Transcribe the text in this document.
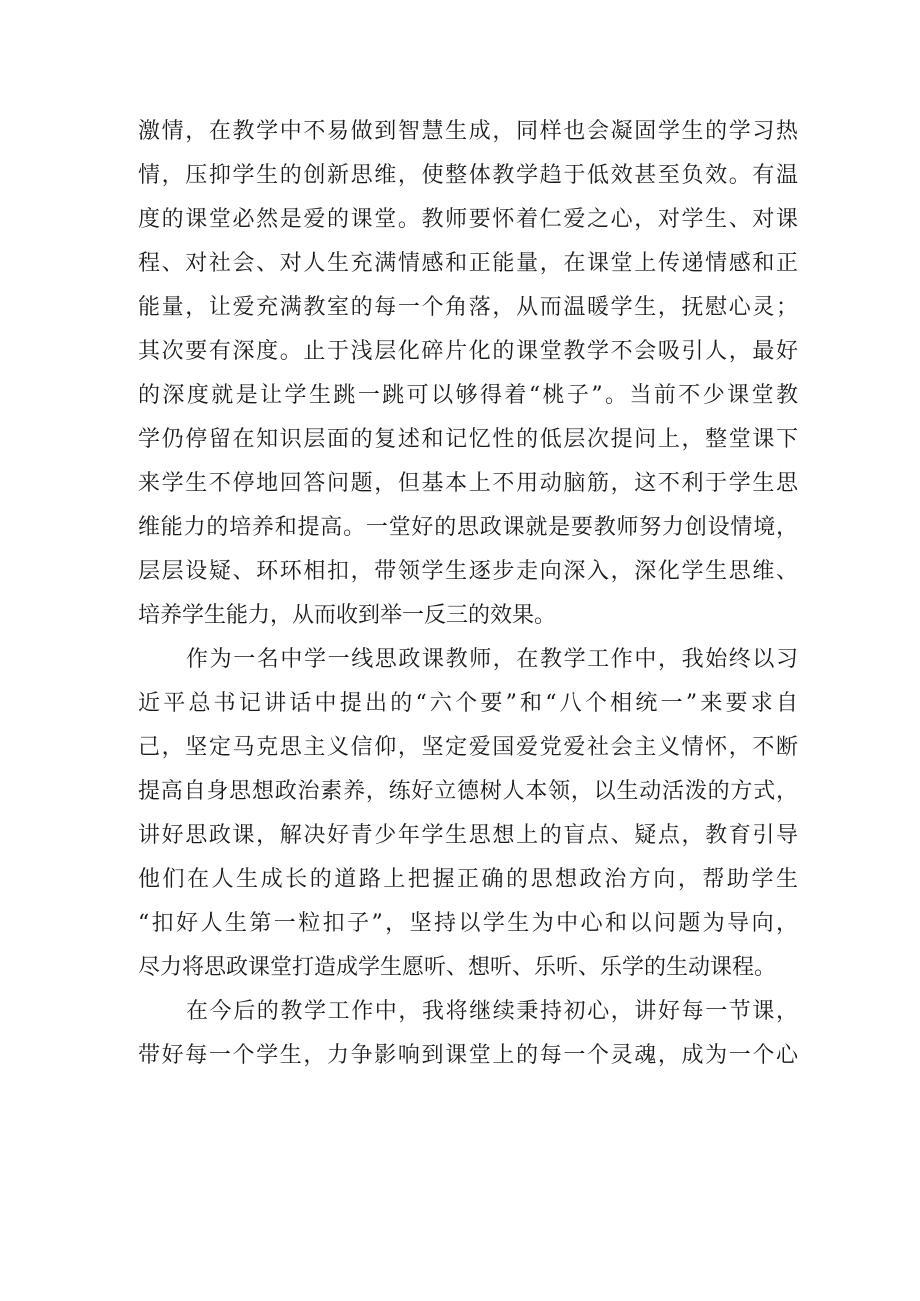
激情，在教学中不易做到智慧生成，同样也会凝固学生的学习热
情，压抑学生的创新思维，使整体教学趋于低效甚至负效。有温
度的课堂必然是爱的课堂。教师要怀着仁爱之心，对学生、对课
程、对社会、对人生充满情感和正能量，在课堂上传递情感和正
能量，让爱充满教室的每一个角落，从而温暖学生，抚慰心灵；
其次要有深度。止于浅层化碎片化的课堂教学不会吸引人，最好
的深度就是让学生跳一跳可以够得着“桃子”。当前不少课堂教
学仍停留在知识层面的复述和记忆性的低层次提问上，整堂课下
来学生不停地回答问题，但基本上不用动脑筋，这不利于学生思
维能力的培养和提高。一堂好的思政课就是要教师努力创设情境，
层层设疑、环环相扣，带领学生逐步走向深入，深化学生思维、
培养学生能力，从而收到举一反三的效果。
作为一名中学一线思政课教师，在教学工作中，我始终以习
近平总书记讲话中提出的“六个要”和“八个相统一”来要求自
己，坚定马克思主义信仰，坚定爱国爱党爱社会主义情怀，不断
提高自身思想政治素养，练好立德树人本领，以生动活泼的方式，
讲好思政课，解决好青少年学生思想上的盲点、疑点，教育引导
他们在人生成长的道路上把握正确的思想政治方向，帮助学生
“扣好人生第一粒扣子”，坚持以学生为中心和以问题为导向，
尽力将思政课堂打造成学生愿听、想听、乐听、乐学的生动课程。
在今后的教学工作中，我将继续秉持初心，讲好每一节课，
带好每一个学生，力争影响到课堂上的每一个灵魂，成为一个心
